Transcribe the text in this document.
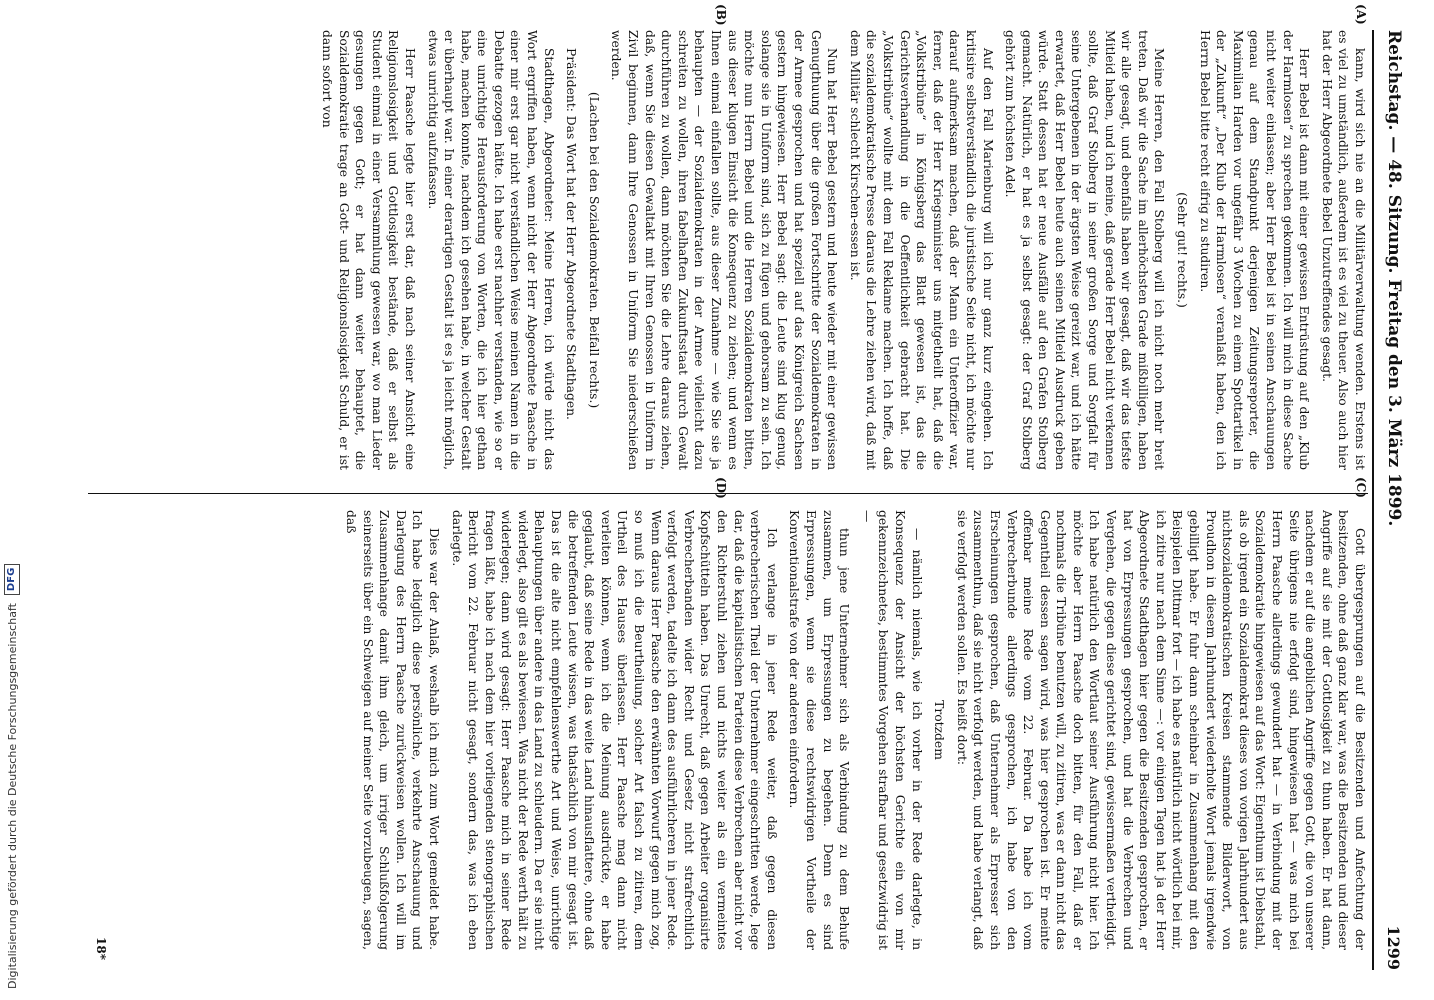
Digitalisierung gefördert durch die Deutsche Forschungsgemeinschaft
DFG
Reichstag. — 48. Sitzung. Freitag den 3. März 1899.
1299

kann, wird sich nie an die Militärverwaltung wenden. Erstens ist es viel zu umständlich, außerdem ist es viel zu theuer. Also auch hier hat der Herr Abgeordnete Bebel Unzutreffendes gesagt.

Herr Bebel ist dann mit einer gewissen Entrüstung auf den „Klub der Harmlosen“ zu sprechen gekommen. Ich will mich in diese Sache nicht weiter einlassen; aber Herr Bebel ist in seinen Anschauungen genau auf dem Standpunkt derjenigen Zeitungsreporter, die Maximilian Harden vor ungefähr 3 Wochen zu einem Spottartikel in der „Zukunft“ „Der Klub der Harmlosen“ veranlaßt haben, den ich Herrn Bebel bitte recht eifrig zu studiren.

(Sehr gut! rechts.)

Meine Herren, den Fall Stolberg will ich nicht noch mehr breit treten. Daß wir die Sache im allerhöchsten Grade mißbilligen, haben wir alle gesagt, und ebenfalls haben wir gesagt, daß wir das tiefste Mitleid haben, und ich meine, daß gerade Herr Bebel nicht verkennen sollte, daß Graf Stolberg in seiner großen Sorge und Sorgfalt für seine Untergebenen in der ärgsten Weise gereizt war, und ich hätte erwartet, daß Herr Bebel heute auch seinen Mitleid Ausdruck geben würde. Statt dessen hat er neue Ausfälle auf den Grafen Stolberg gemacht. Natürlich, er hat es ja selbst gesagt: der Graf Stolberg gehört zum höchsten Adel.

Auf den Fall Marienburg will ich nur ganz kurz eingehen. Ich kritisire selbstverständlich die juristische Seite nicht, ich möchte nur darauf aufmerksam machen, daß der Mann ein Unteroffizier war, ferner, daß der Herr Kriegsminister uns mitgetheilt hat, daß die „Volkstribüne“ in Königsberg das Blatt gewesen ist, das die Gerichtsverhandlung in die Oeffentlichkeit gebracht hat. Die „Volkstribüne“ wollte mit dem Fall Reklame machen. Ich hoffe, daß die sozialdemokratische Presse daraus die Lehre ziehen wird, daß mit dem Militär schlecht Kirschen-essen ist.

Nun hat Herr Bebel gestern und heute wieder mit einer gewissen Genugthuung über die großen Fortschritte der Sozialdemokraten in der Armee gesprochen und hat speziell auf das Königreich Sachsen gestern hingewiesen. Herr Bebel sagt: die Leute sind klug genug, solange sie in Uniform sind, sich zu fügen und gehorsam zu sein. Ich möchte nun Herrn Bebel und die Herren Sozialdemokraten bitten, aus dieser klugen Einsicht die Konsequenz zu ziehen; und wenn es Ihnen einmal einfallen sollte, aus dieser Zunahme — wie Sie sie ja behaupten — der Sozialdemokraten in der Armee vielleicht dazu schreiten zu wollen, ihren fabelhaften Zukunftsstaat durch Gewalt durchführen zu wollen, dann möchten Sie die Lehre daraus ziehen, daß, wenn Sie diesen Gewaltakt mit Ihren Genossen in Uniform in Zivil beginnen, dann Ihre Genossen in Uniform Sie niederschießen werden.

(Lachen bei den Sozialdemokraten. Beifall rechts.)

Präsident: Das Wort hat der Herr Abgeordnete Stadthagen.

Stadthagen, Abgeordneter: Meine Herren, ich würde nicht das Wort ergriffen haben, wenn nicht der Herr Abgeordnete Paasche in einer mir erst gar nicht verständlichen Weise meinen Namen in die Debatte gezogen hätte. Ich habe erst nachher verstanden, wie so er eine unrichtige Herausforderung von Worten, die ich hier gethan habe, machen konnte, nachdem ich gesehen habe, in welcher Gestalt er überhaupt war. In einer derartigen Gestalt ist es ja leicht möglich, etwas unrichtig aufzufassen.

Herr Paasche legte hier erst dar, daß nach seiner Ansicht eine Religionslosigkeit und Gottlosigkeit bestände, daß er selbst als Student einmal in einer Versammlung gewesen war, wo man Lieder gesungen gegen Gott; er hat dann weiter behauptet, die Sozialdemokratie trage an Gott- und Religionslosigkeit Schuld, er ist dann sofort von

Gott übergesprungen auf die Besitzenden und Anfechtung der besitzenden, ohne daß ganz klar war, was die Besitzenden und dieser Angriffe auf sie mit der Gottlosigkeit zu thun haben. Er hat dann, nachdem er auf die angeblichen Angriffe gegen Gott, die von unserer Seite übrigens nie erfolgt sind, hingewiesen hat — was mich bei Herrn Paasche allerdings gewundert hat — in Verbindung mit der Sozialdemokratie hingewiesen auf das Wort: Eigenthum ist Diebstahl, als ob irgend ein Sozialdemokrat dieses von vorigen Jahrhundert aus nichtsozialdemokratischen Kreisen stammende Bilderwort, von Proudhon in diesem Jahrhundert wiederholte Wort jemals irgendwie gebilligt habe. Er fuhr dann scheinbar in Zusammenhang mit den Beispielen Dittmar fort — ich habe es natürlich nicht wörtlich bei mir, ich zitire nur nach dem Sinne —: vor einigen Tagen hat ja der Herr Abgeordnete Stadthagen hier gegen die Besitzenden gesprochen, er hat von Erpressungen gesprochen, und hat die Verbrechen und Vergehen, die gegen diese gerichtet sind, gewissermaßen vertheidigt. Ich habe natürlich den Wortlaut seiner Ausführung nicht hier. Ich möchte aber Herrn Paasche doch bitten, für den Fall, daß er nochmals die Tribüne benutzen will, zu zitiren, was er dann nicht das Gegentheil dessen sagen wird, was hier gesprochen ist. Er meinte offenbar meine Rede vom 22. Februar. Da habe ich vom Verbrecherbunde allerdings gesprochen, ich habe von den Erscheinungen gesprochen, daß Unternehmer als Erpresser sich zusammenthun, daß sie nicht verfolgt werden, und habe verlangt, daß sie verfolgt werden sollen. Es heißt dort:

Trotzdem

— nämlich niemals, wie ich vorher in der Rede darlegte, in Konsequenz der Ansicht der höchsten Gerichte ein von mir gekennzeichnetes, bestimmtes Vorgehen strafbar und gesetzwidrig ist —

thun jene Unternehmer sich als Verbindung zu dem Behufe zusammen, um Erpressungen zu begehen. Denn es sind Erpressungen, wenn sie diese rechtswidrigen Vortheile der Konventionalstrafe von der anderen einfordern.

Ich verlange in jener Rede weiter, daß gegen diesen verbrecherischen Theil der Unternehmer eingeschritten werde, lege dar, daß die kapitalistischen Parteien diese Verbrechen aber nicht vor den Richterstuhl ziehen und nichts weiter als ein vermeintes Kopfschütteln haben. Das Unrecht, daß gegen Arbeiter organisirte Verbrecherbanden wider Recht und Gesetz nicht strafrechtlich verfolgt werden, tadelte ich dann des ausführlicheren in jener Rede. Wenn daraus Herr Paasche den erwähnten Vorwurf gegen mich zog, so muß ich die Beurtheilung, solcher Art falsch zu zitiren, dem Urtheil des Hauses überlassen. Herr Paasche mag dann nicht verleiten können, wenn ich die Meinung ausdrückte, er habe geglaubt, daß seine Rede in das weite Land hinausflattere, ohne daß die betreffenden Leute wissen, was thatsächlich von mir gesagt ist. Das ist die alte nicht empfehlenswerthe Art und Weise, unrichtige Behauptungen über andere in das Land zu schleudern. Da er sie nicht widerlegt, also gilt es als bewiesen. Was nicht der Rede werth hält zu widerlegen; dann wird gesagt: Herr Paasche mich in seiner Rede fragen läßt, habe ich nach dem hier vorliegenden stenographischen Bericht vom 22. Februar nicht gesagt, sondern das, was ich eben darlegte.

Dies war der Anlaß, weshalb ich mich zum Wort gemeldet habe. Ich habe lediglich diese persönliche, verkehrte Anschauung und Darlegung des Herrn Paasche zurückweisen wollen. Ich will im Zusammenhange damit ihm gleich, um irriger Schlußfolgerung seinerseits über ein Schweigen auf meiner Seite vorzubeugen, sagen, daß

(A)
(B)
(C)
(D)
18*
